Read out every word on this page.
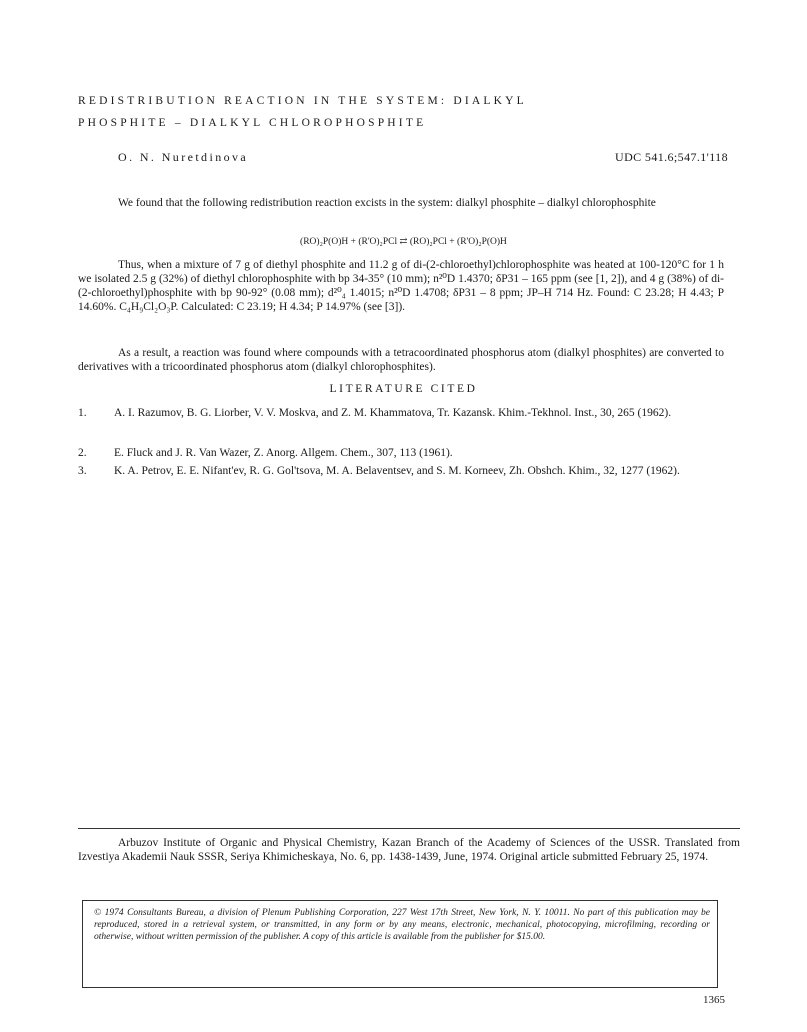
REDISTRIBUTION REACTION IN THE SYSTEM: DIALKYL
PHOSPHITE – DIALKYL CHLOROPHOSPHITE
O. N. Nuretdinova	UDC 541.6;547.1'118

We found that the following redistribution reaction excists in the system: dialkyl phosphite – dialkyl chlorophosphite

(RO)₂P(O)H + (R'O)₂PCl ⇄ (RO)₂PCl + (R'O)₂P(O)H

Thus, when a mixture of 7 g of diethyl phosphite and 11.2 g of di-(2-chloroethyl)chlorophosphite was heated at 100-120°C for 1 h we isolated 2.5 g (32%) of diethyl chlorophosphite with bp 34-35° (10 mm); n²⁰D 1.4370; δP31 – 165 ppm (see [1, 2]), and 4 g (38%) of di-(2-chloroethyl)phosphite with bp 90-92° (0.08 mm); d²⁰₄ 1.4015; n²⁰D 1.4708; δP31 – 8 ppm; JP–H 714 Hz. Found: C 23.28; H 4.43; P 14.60%. C₄H₉Cl₂O₃P. Calculated: C 23.19; H 4.34; P 14.97% (see [3]).

As a result, a reaction was found where compounds with a tetracoordinated phosphorus atom (dialkyl phosphites) are converted to derivatives with a tricoordinated phosphorus atom (dialkyl chlorophosphites).

LITERATURE CITED
1. A. I. Razumov, B. G. Liorber, V. V. Moskva, and Z. M. Khammatova, Tr. Kazansk. Khim.-Tekhnol. Inst., 30, 265 (1962).
2. E. Fluck and J. R. Van Wazer, Z. Anorg. Allgem. Chem., 307, 113 (1961).
3. K. A. Petrov, E. E. Nifant'ev, R. G. Gol'tsova, M. A. Belaventsev, and S. M. Korneev, Zh. Obshch. Khim., 32, 1277 (1962).

Arbuzov Institute of Organic and Physical Chemistry, Kazan Branch of the Academy of Sciences of the USSR. Translated from Izvestiya Akademii Nauk SSSR, Seriya Khimicheskaya, No. 6, pp. 1438-1439, June, 1974. Original article submitted February 25, 1974.

© 1974 Consultants Bureau, a division of Plenum Publishing Corporation, 227 West 17th Street, New York, N. Y. 10011. No part of this publication may be reproduced, stored in a retrieval system, or transmitted, in any form or by any means, electronic, mechanical, photocopying, microfilming, recording or otherwise, without written permission of the publisher. A copy of this article is available from the publisher for $15.00.

1365
